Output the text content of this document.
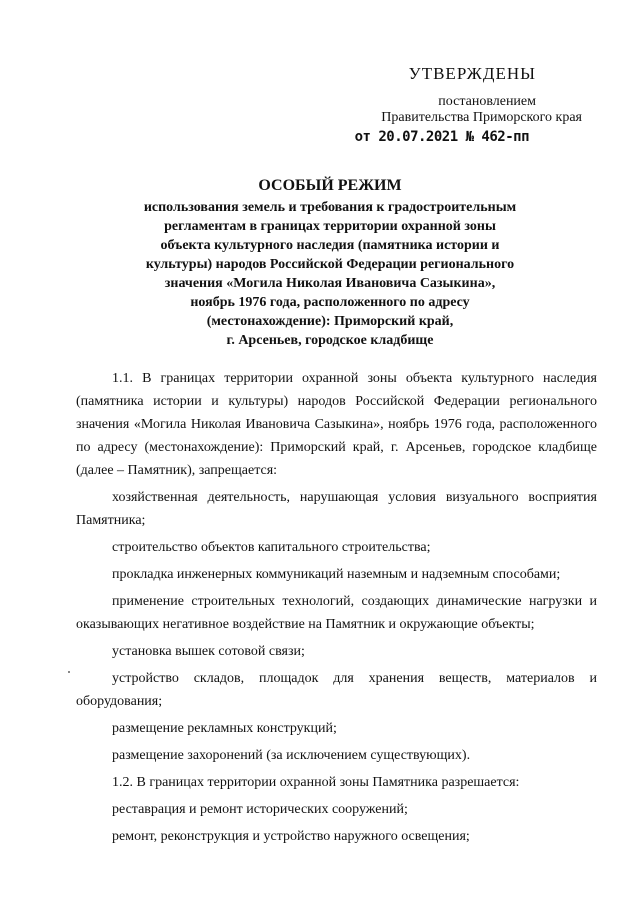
УТВЕРЖДЕНЫ
постановлением
Правительства Приморского края
от 20.07.2021 № 462-пп
ОСОБЫЙ РЕЖИМ
использования земель и требования к градостроительным
регламентам в границах территории охранной зоны
объекта культурного наследия (памятника истории и
культуры) народов Российской Федерации регионального
значения «Могила Николая Ивановича Сазыкина»,
ноябрь 1976 года, расположенного по адресу
(местонахождение): Приморский край,
г. Арсеньев, городское кладбище

1.1. В границах территории охранной зоны объекта культурного наследия (памятника истории и культуры) народов Российской Федерации регионального значения «Могила Николая Ивановича Сазыкина», ноябрь 1976 года, расположенного по адресу (местонахождение): Приморский край, г. Арсеньев, городское кладбище (далее – Памятник), запрещается:

хозяйственная деятельность, нарушающая условия визуального восприятия Памятника;

строительство объектов капитального строительства;

прокладка инженерных коммуникаций наземным и надземным способами;

применение строительных технологий, создающих динамические нагрузки и оказывающих негативное воздействие на Памятник и окружающие объекты;

установка вышек сотовой связи;

устройство складов, площадок для хранения веществ, материалов и оборудования;

размещение рекламных конструкций;

размещение захоронений (за исключением существующих).

1.2. В границах территории охранной зоны Памятника разрешается:

реставрация и ремонт исторических сооружений;

ремонт, реконструкция и устройство наружного освещения;
